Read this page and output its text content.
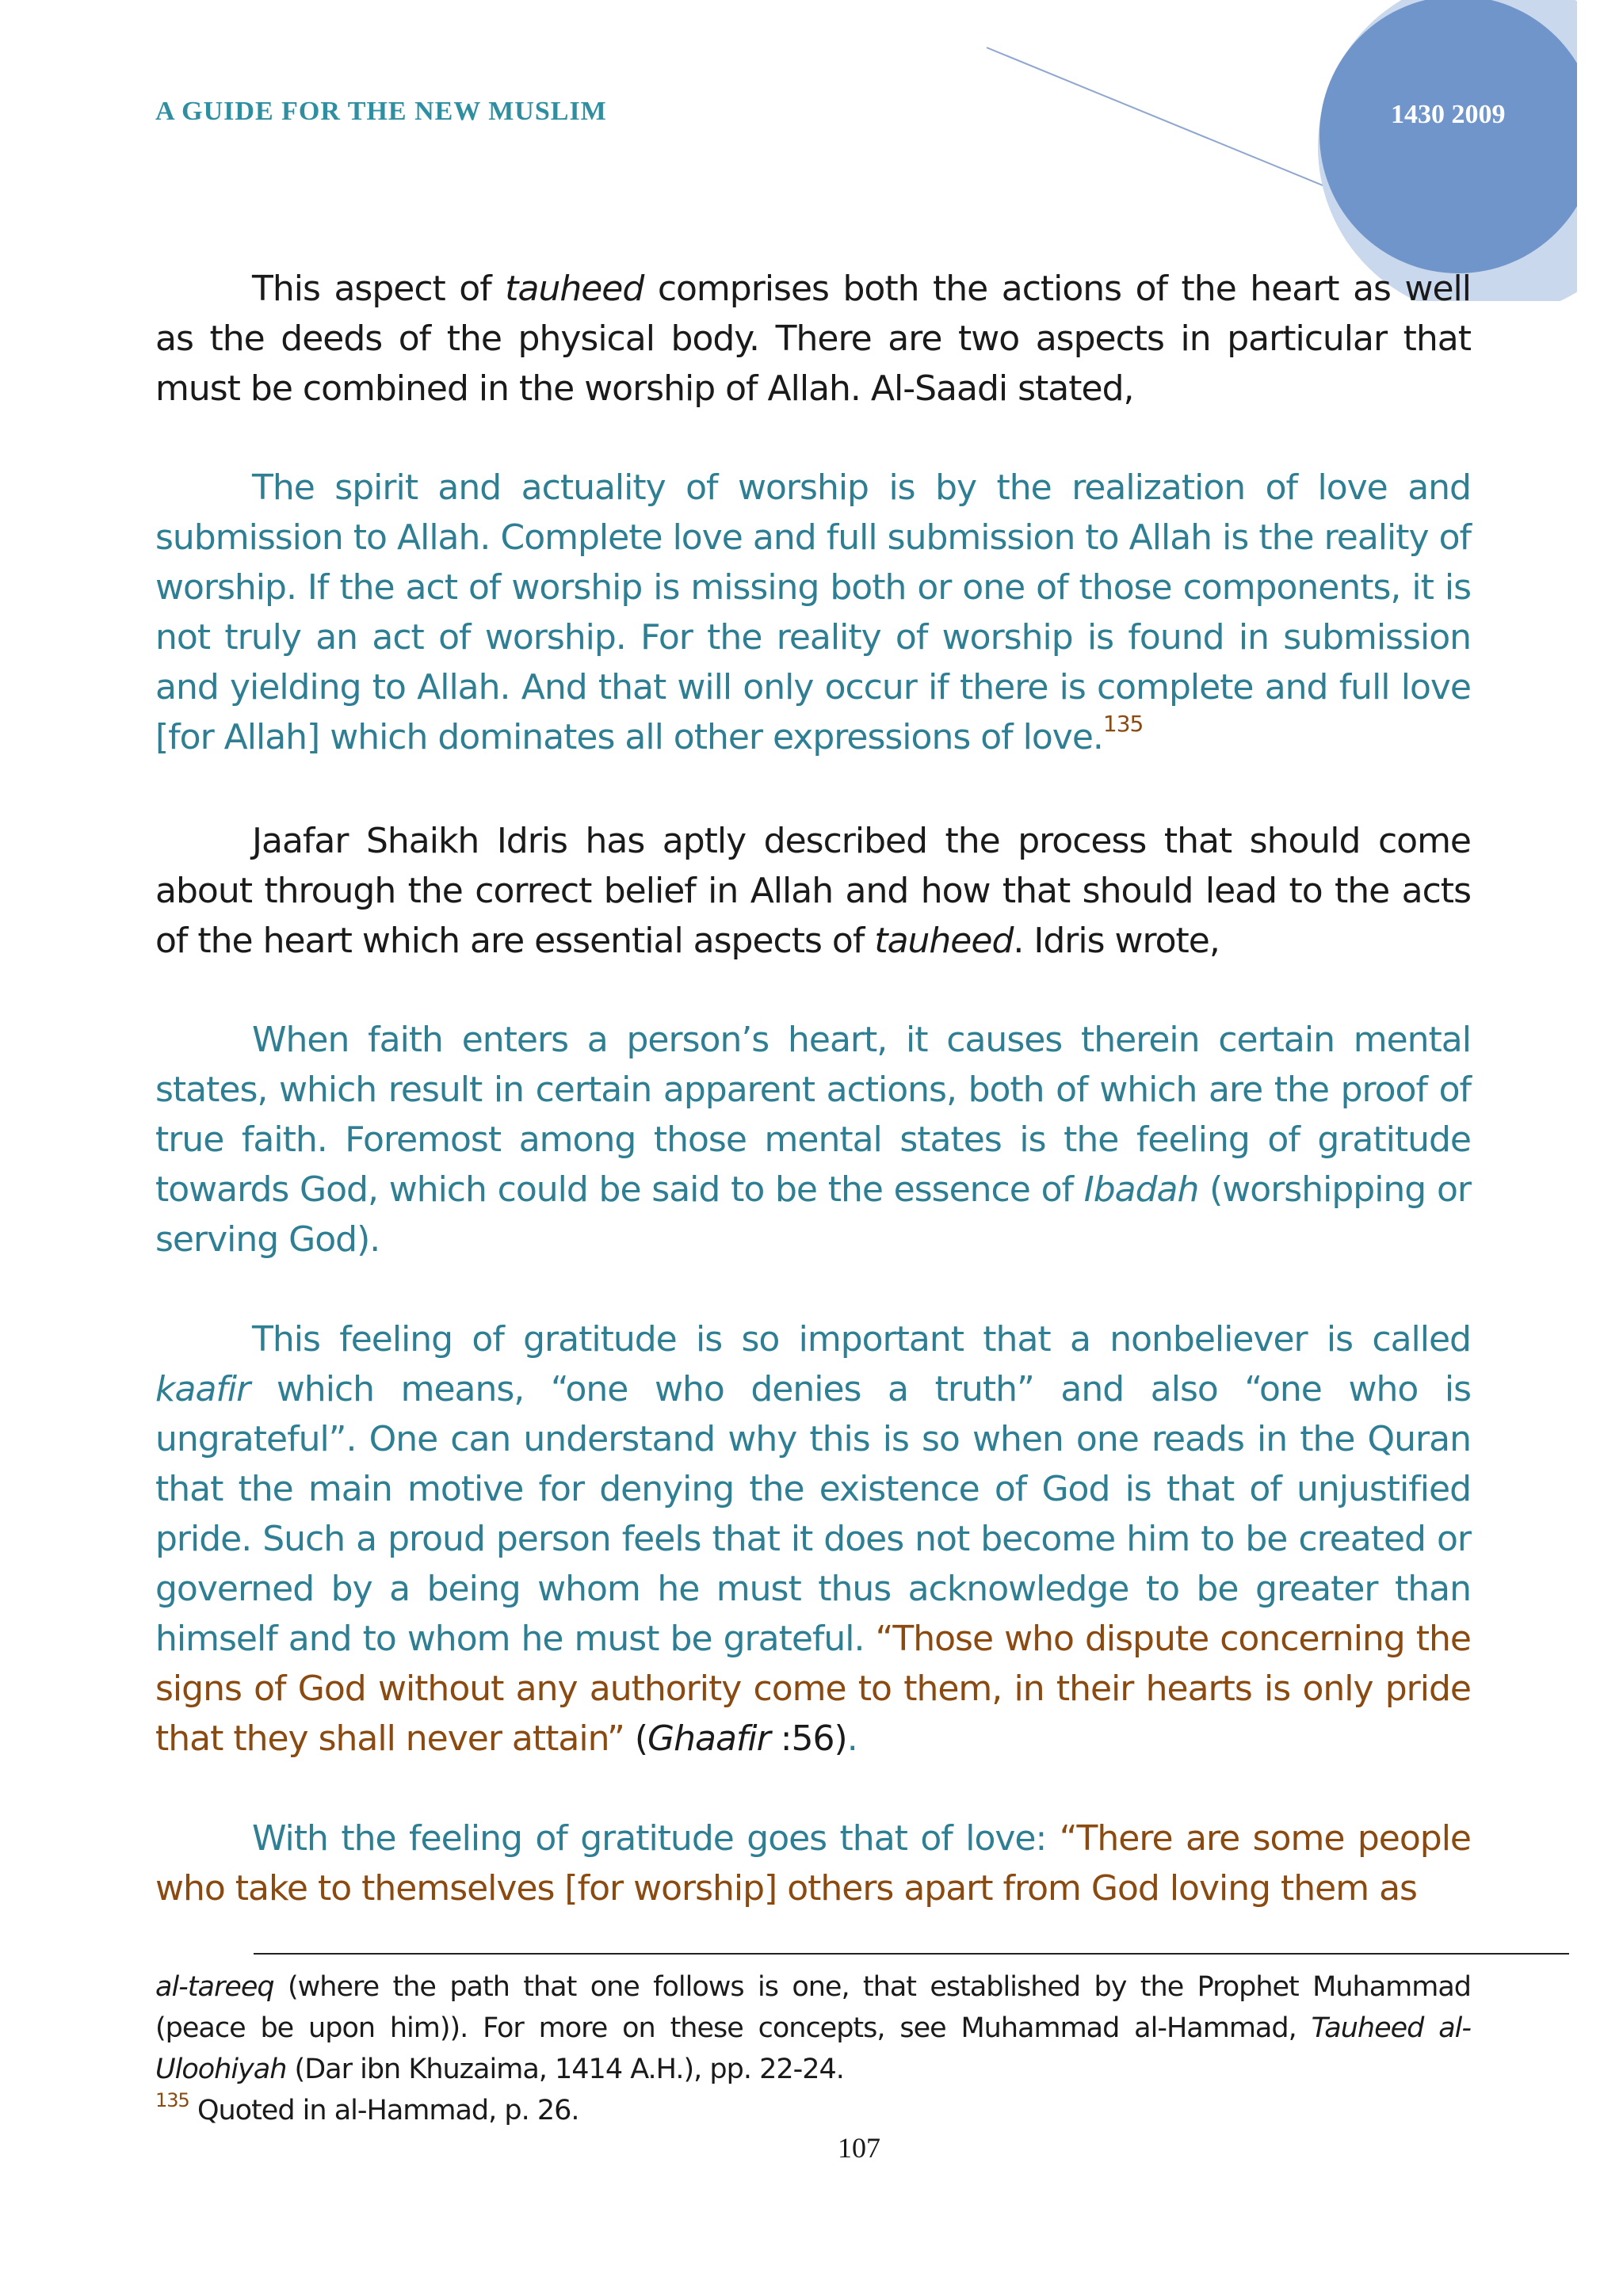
A GUIDE FOR THE NEW MUSLIM	1430 2009

This aspect of tauheed comprises both the actions of the heart as well as the deeds of the physical body. There are two aspects in particular that must be combined in the worship of Allah. Al-Saadi stated,

The spirit and actuality of worship is by the realization of love and submission to Allah. Complete love and full submission to Allah is the reality of worship. If the act of worship is missing both or one of those components, it is not truly an act of worship. For the reality of worship is found in submission and yielding to Allah. And that will only occur if there is complete and full love [for Allah] which dominates all other expressions of love.$^{135}$

Jaafar Shaikh Idris has aptly described the process that should come about through the correct belief in Allah and how that should lead to the acts of the heart which are essential aspects of tauheed. Idris wrote,

When faith enters a person’s heart, it causes therein certain mental states, which result in certain apparent actions, both of which are the proof of true faith. Foremost among those mental states is the feeling of gratitude towards God, which could be said to be the essence of Ibadah (worshipping or serving God).

This feeling of gratitude is so important that a nonbeliever is called kaafir which means, “one who denies a truth” and also “one who is ungrateful”. One can understand why this is so when one reads in the Quran that the main motive for denying the existence of God is that of unjustified pride. Such a proud person feels that it does not become him to be created or governed by a being whom he must thus acknowledge to be greater than himself and to whom he must be grateful. “Those who dispute concerning the signs of God without any authority come to them, in their hearts is only pride that they shall never attain” (Ghaafir :56).

With the feeling of gratitude goes that of love: “There are some people who take to themselves [for worship] others apart from God loving them as

al-tareeq (where the path that one follows is one, that established by the Prophet Muhammad (peace be upon him)). For more on these concepts, see Muhammad al-Hammad, Tauheed al-Uloohiyah (Dar ibn Khuzaima, 1414 A.H.), pp. 22-24.

$^{135}$ Quoted in al-Hammad, p. 26.

107
